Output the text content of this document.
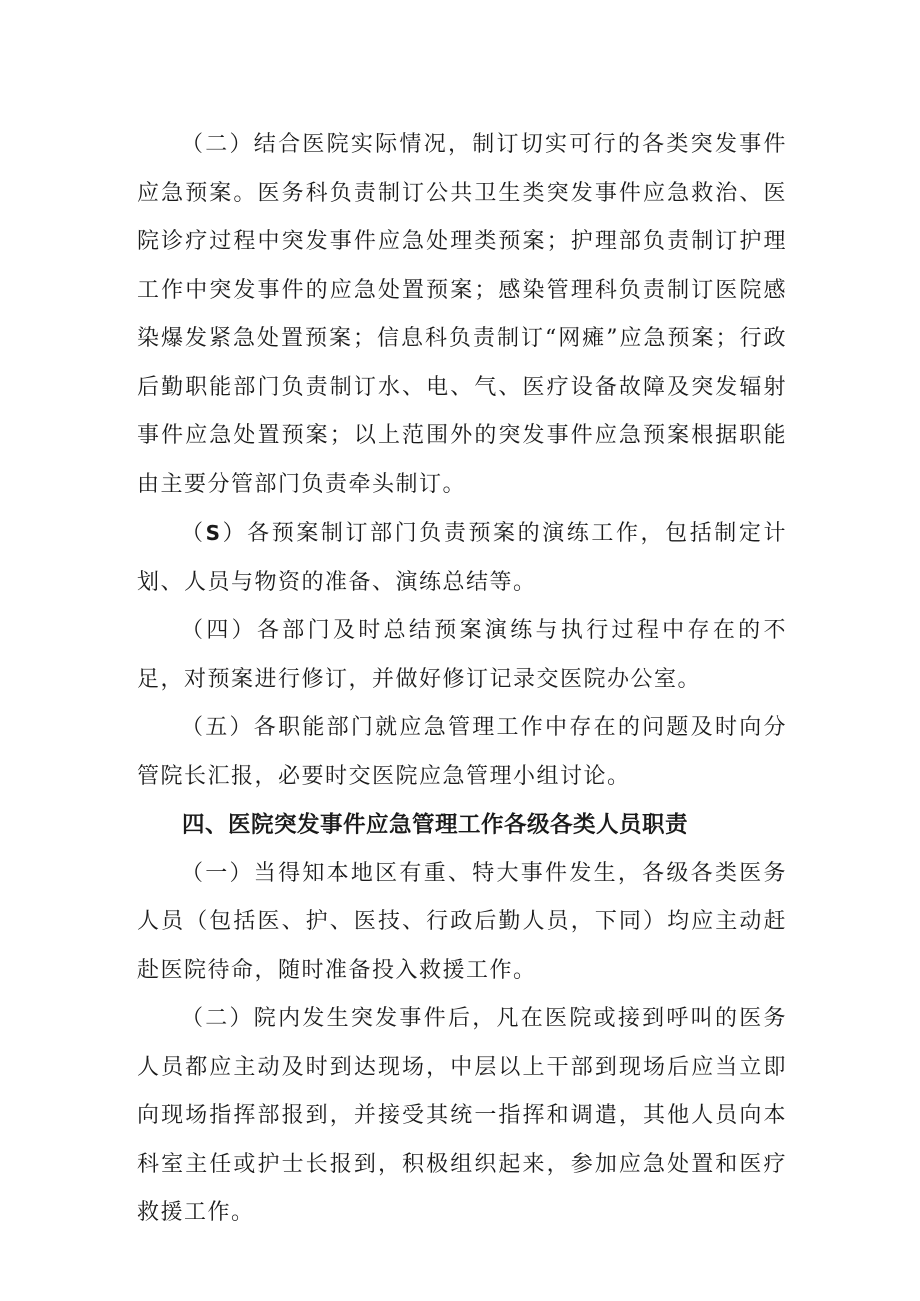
（二）结合医院实际情况，制订切实可行的各类突发事件应急预案。医务科负责制订公共卫生类突发事件应急救治、医院诊疗过程中突发事件应急处理类预案；护理部负责制订护理工作中突发事件的应急处置预案；感染管理科负责制订医院感染爆发紧急处置预案；信息科负责制订“网瘫”应急预案；行政后勤职能部门负责制订水、电、气、医疗设备故障及突发辐射事件应急处置预案；以上范围外的突发事件应急预案根据职能由主要分管部门负责牵头制订。

（S）各预案制订部门负责预案的演练工作，包括制定计划、人员与物资的准备、演练总结等。

（四）各部门及时总结预案演练与执行过程中存在的不足，对预案进行修订，并做好修订记录交医院办公室。

（五）各职能部门就应急管理工作中存在的问题及时向分管院长汇报，必要时交医院应急管理小组讨论。

四、医院突发事件应急管理工作各级各类人员职责

（一）当得知本地区有重、特大事件发生，各级各类医务人员（包括医、护、医技、行政后勤人员，下同）均应主动赶赴医院待命，随时准备投入救援工作。

（二）院内发生突发事件后，凡在医院或接到呼叫的医务人员都应主动及时到达现场，中层以上干部到现场后应当立即向现场指挥部报到，并接受其统一指挥和调遣，其他人员向本科室主任或护士长报到，积极组织起来，参加应急处置和医疗救援工作。
